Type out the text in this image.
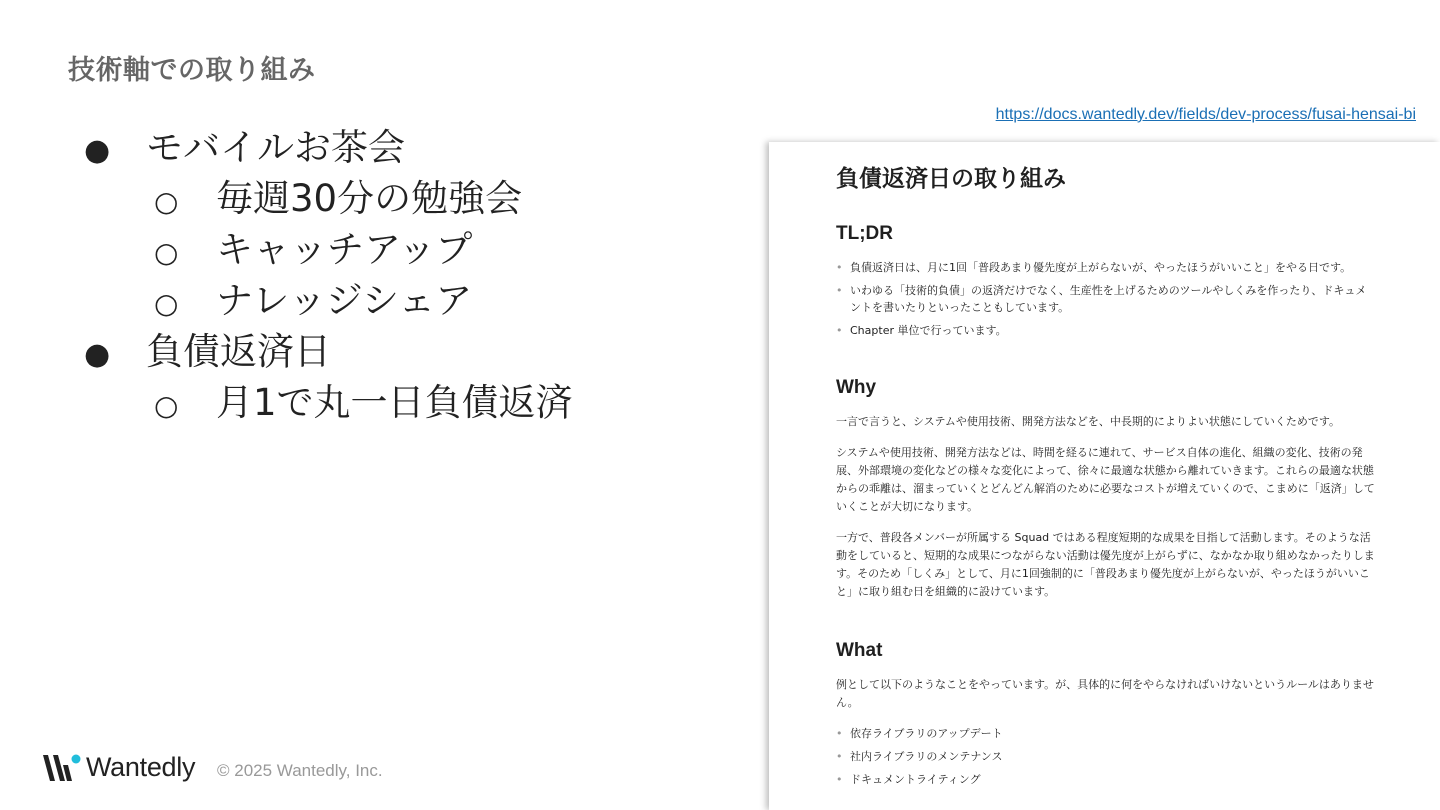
技術軸での取り組み
https://docs.wantedly.dev/fields/dev-process/fusai-hensai-bi
● モバイルお茶会
○ 毎週30分の勉強会
○ キャッチアップ
○ ナレッジシェア
● 負債返済日
○ 月1で丸一日負債返済
負債返済日の取り組み
TL;DR
• 負債返済日は、月に1回「普段あまり優先度が上がらないが、やったほうがいいこと」をやる日です。
• いわゆる「技術的負債」の返済だけでなく、生産性を上げるためのツールやしくみを作ったり、ドキュメントを書いたりといったこともしています。
• Chapter 単位で行っています。
Why

一言で言うと、システムや使用技術、開発方法などを、中長期的によりよい状態にしていくためです。

システムや使用技術、開発方法などは、時間を経るに連れて、サービス自体の進化、組織の変化、技術の発展、外部環境の変化などの様々な変化によって、徐々に最適な状態から離れていきます。これらの最適な状態からの乖離は、溜まっていくとどんどん解消のために必要なコストが増えていくので、こまめに「返済」していくことが大切になります。

一方で、普段各メンバーが所属する Squad ではある程度短期的な成果を目指して活動します。そのような活動をしていると、短期的な成果につながらない活動は優先度が上がらずに、なかなか取り組めなかったりします。そのため「しくみ」として、月に1回強制的に「普段あまり優先度が上がらないが、やったほうがいいこと」に取り組む日を組織的に設けています。

What

例として以下のようなことをやっています。が、具体的に何をやらなければいけないというルールはありません。

• 依存ライブラリのアップデート
• 社内ライブラリのメンテナンス
• ドキュメントライティング
Wantedly © 2025 Wantedly, Inc.
